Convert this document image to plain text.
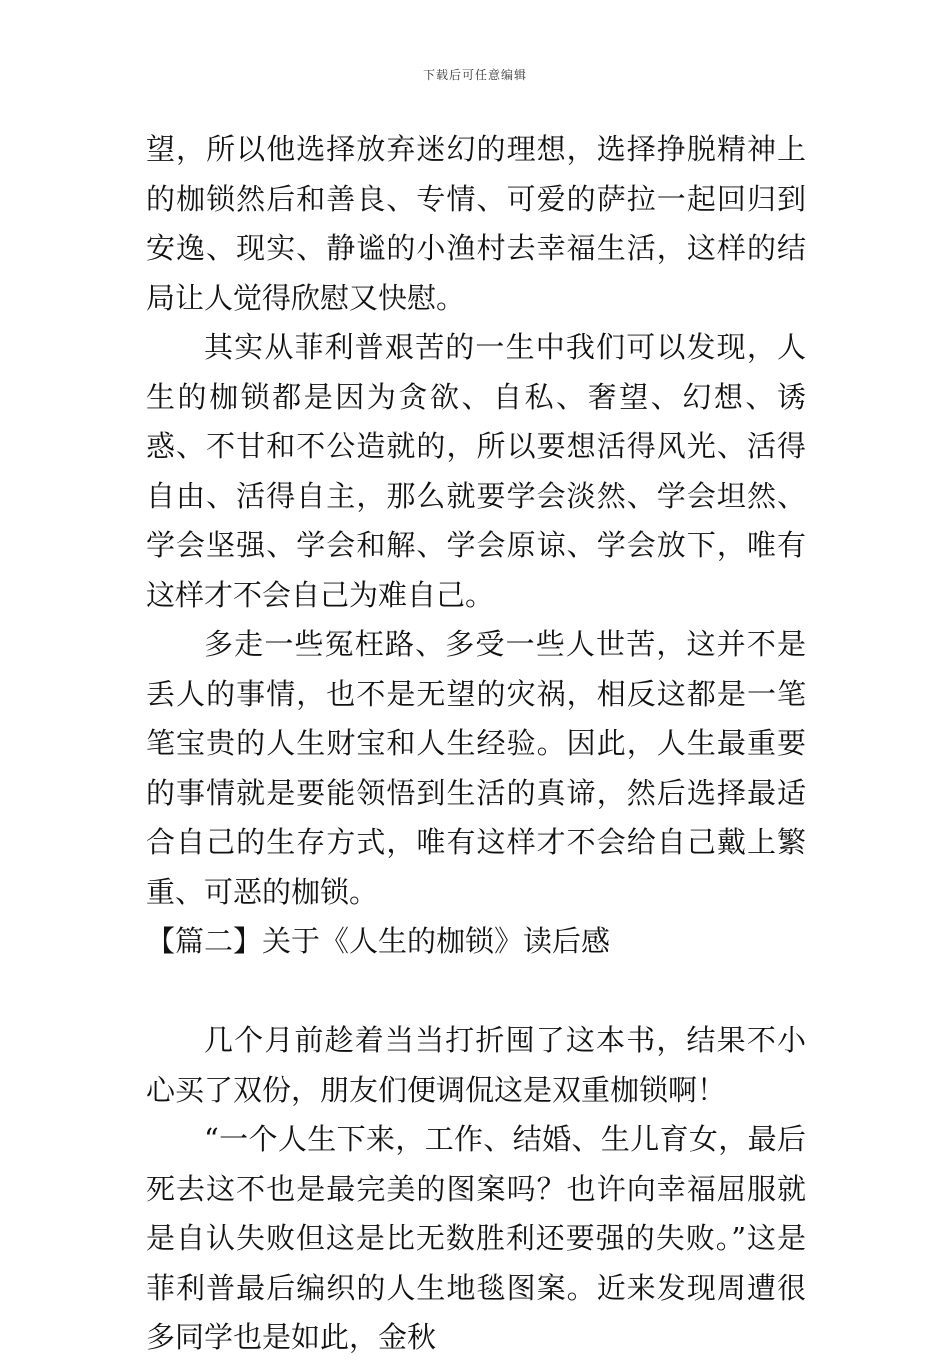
下载后可任意编辑

望，所以他选择放弃迷幻的理想，选择挣脱精神上的枷锁然后和善良、专情、可爱的萨拉一起回归到安逸、现实、静谧的小渔村去幸福生活，这样的结局让人觉得欣慰又快慰。

其实从菲利普艰苦的一生中我们可以发现，人生的枷锁都是因为贪欲、自私、奢望、幻想、诱惑、不甘和不公造就的，所以要想活得风光、活得自由、活得自主，那么就要学会淡然、学会坦然、学会坚强、学会和解、学会原谅、学会放下，唯有这样才不会自己为难自己。

多走一些冤枉路、多受一些人世苦，这并不是丢人的事情，也不是无望的灾祸，相反这都是一笔笔宝贵的人生财宝和人生经验。因此，人生最重要的事情就是要能领悟到生活的真谛，然后选择最适合自己的生存方式，唯有这样才不会给自己戴上繁重、可恶的枷锁。

【篇二】关于《人生的枷锁》读后感

几个月前趁着当当打折囤了这本书，结果不小心买了双份，朋友们便调侃这是双重枷锁啊！

“一个人生下来，工作、结婚、生儿育女，最后死去这不也是最完美的图案吗？也许向幸福屈服就是自认失败但这是比无数胜利还要强的失败。”这是菲利普最后编织的人生地毯图案。近来发现周遭很多同学也是如此，金秋
